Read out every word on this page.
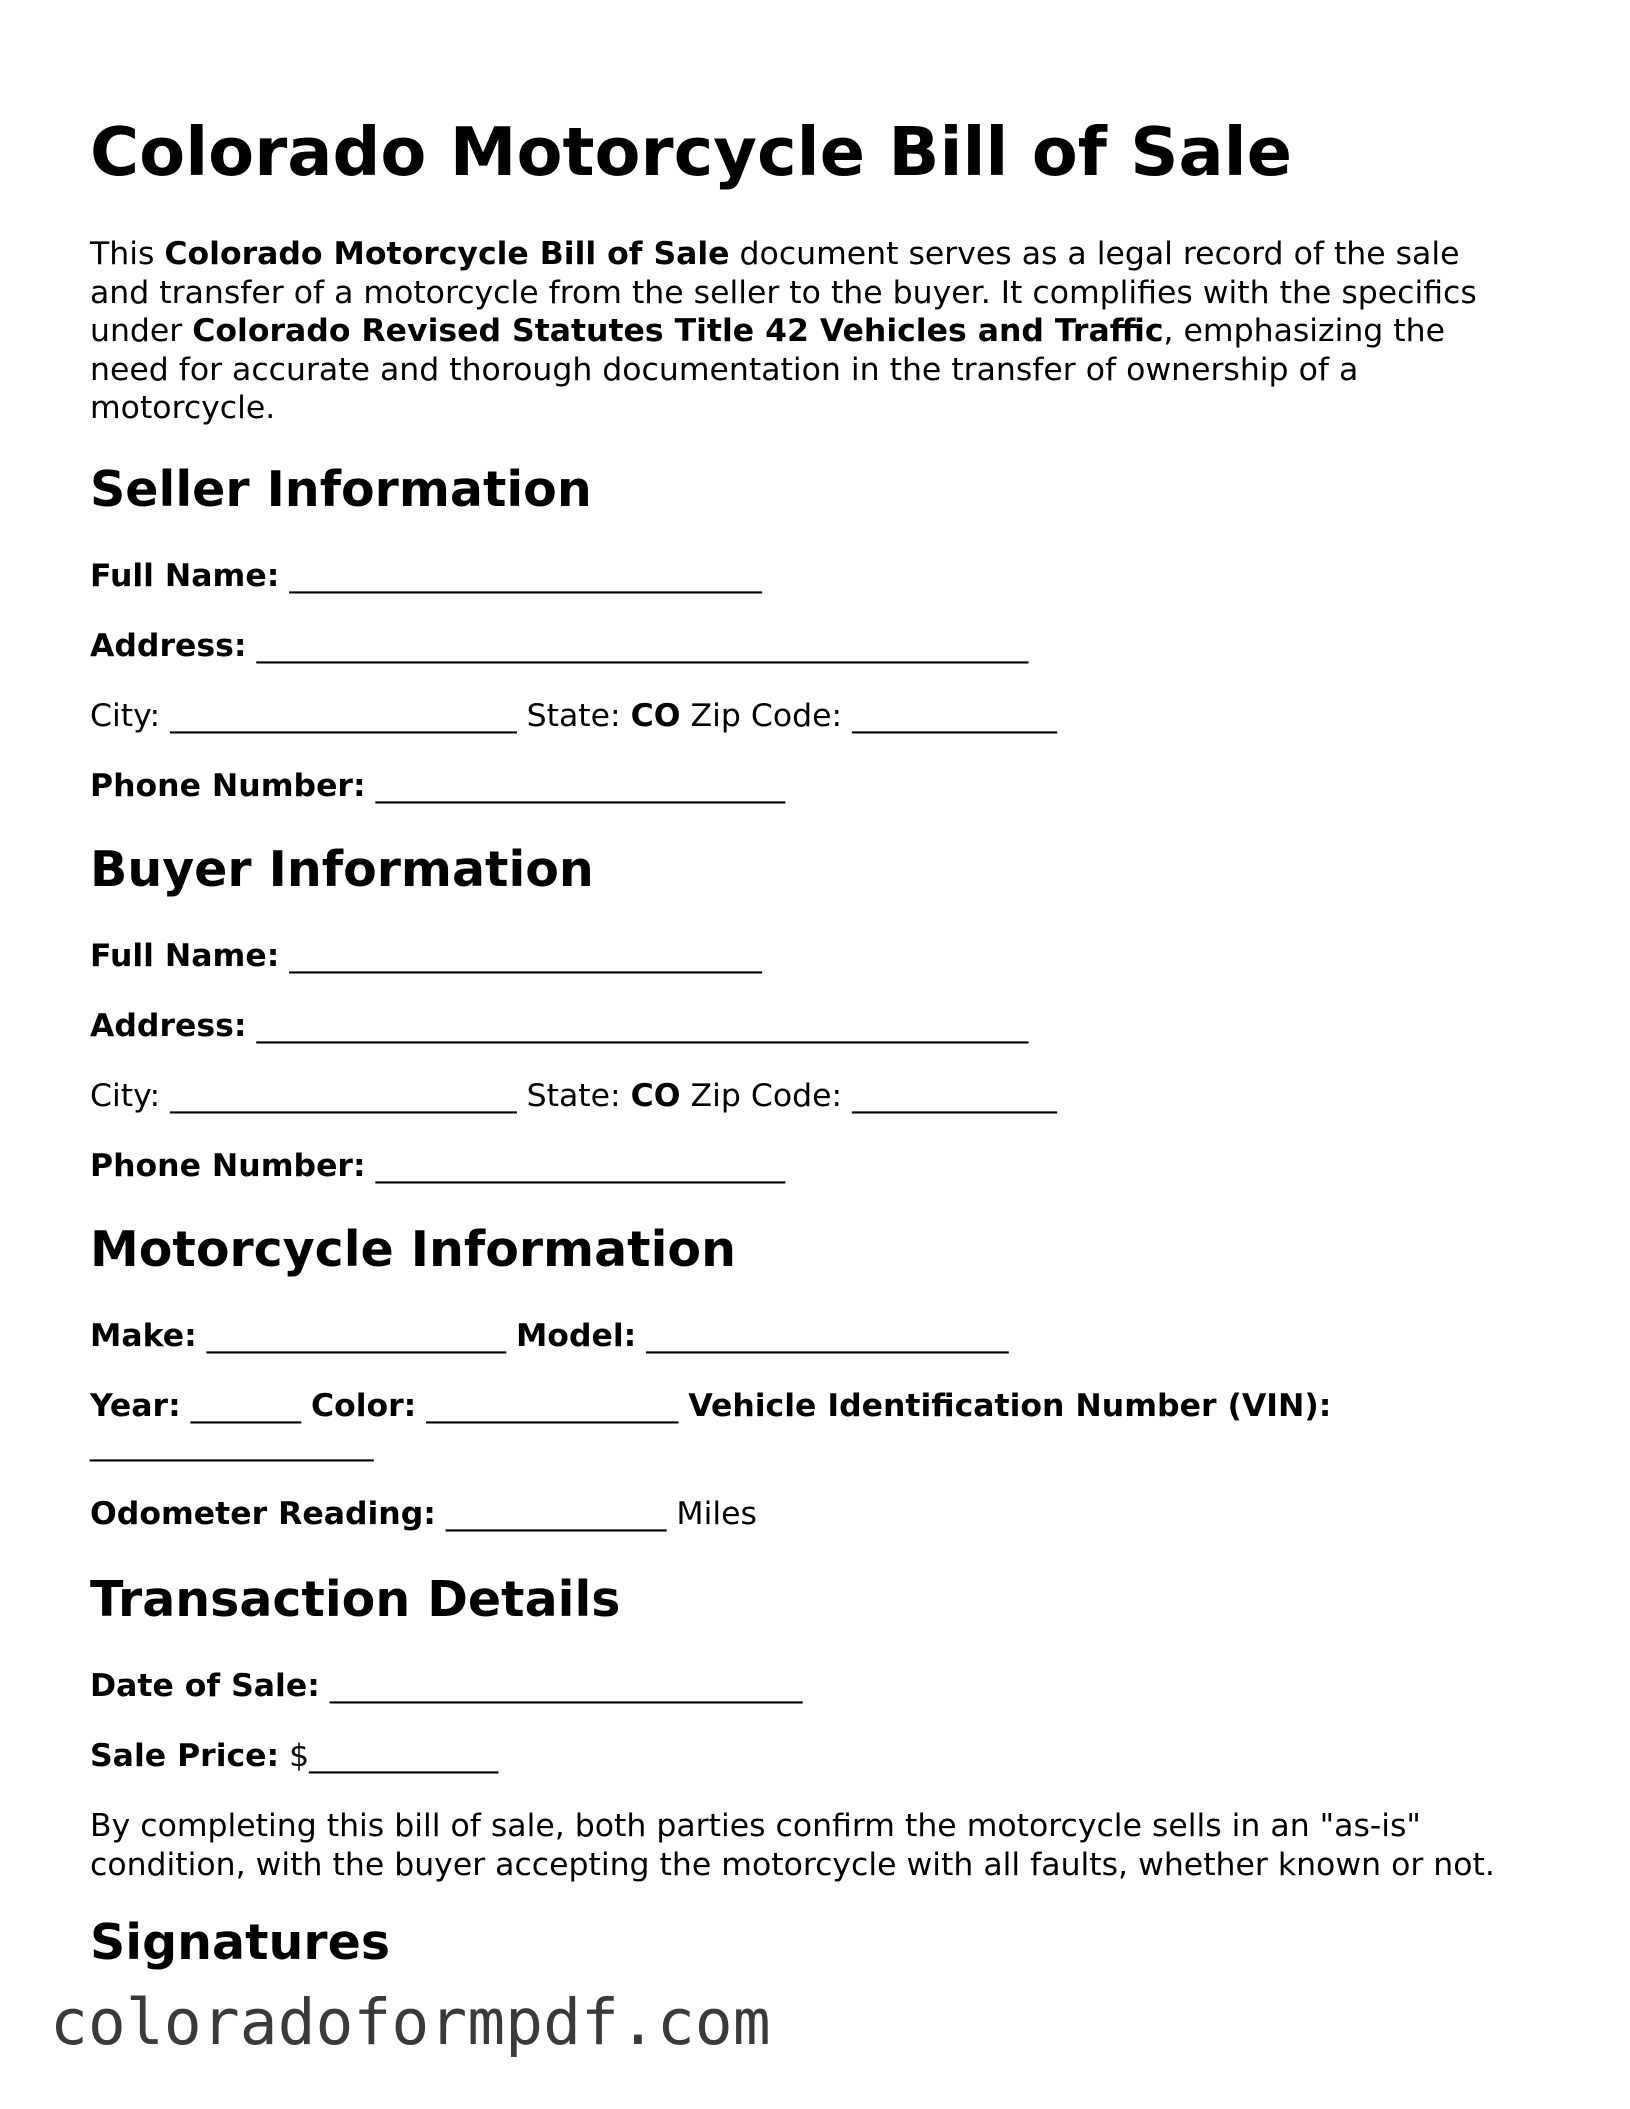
Colorado Motorcycle Bill of Sale

This Colorado Motorcycle Bill of Sale document serves as a legal record of the sale and transfer of a motorcycle from the seller to the buyer. It complifies with the specifics under Colorado Revised Statutes Title 42 Vehicles and Traffic, emphasizing the need for accurate and thorough documentation in the transfer of ownership of a motorcycle.

Seller Information
Full Name: ______________________________
Address: _________________________________________________
City: ______________________ State: CO Zip Code: _____________
Phone Number: __________________________
Buyer Information
Full Name: ______________________________
Address: _________________________________________________
City: ______________________ State: CO Zip Code: _____________
Phone Number: __________________________
Motorcycle Information
Make: ___________________ Model: _______________________
Year: _______ Color: ________________ Vehicle Identification Number (VIN):
__________________
Odometer Reading: ______________ Miles
Transaction Details
Date of Sale: ______________________________
Sale Price: $____________

By completing this bill of sale, both parties confirm the motorcycle sells in an "as-is" condition, with the buyer accepting the motorcycle with all faults, whether known or not.

Signatures
coloradoformpdf.com
